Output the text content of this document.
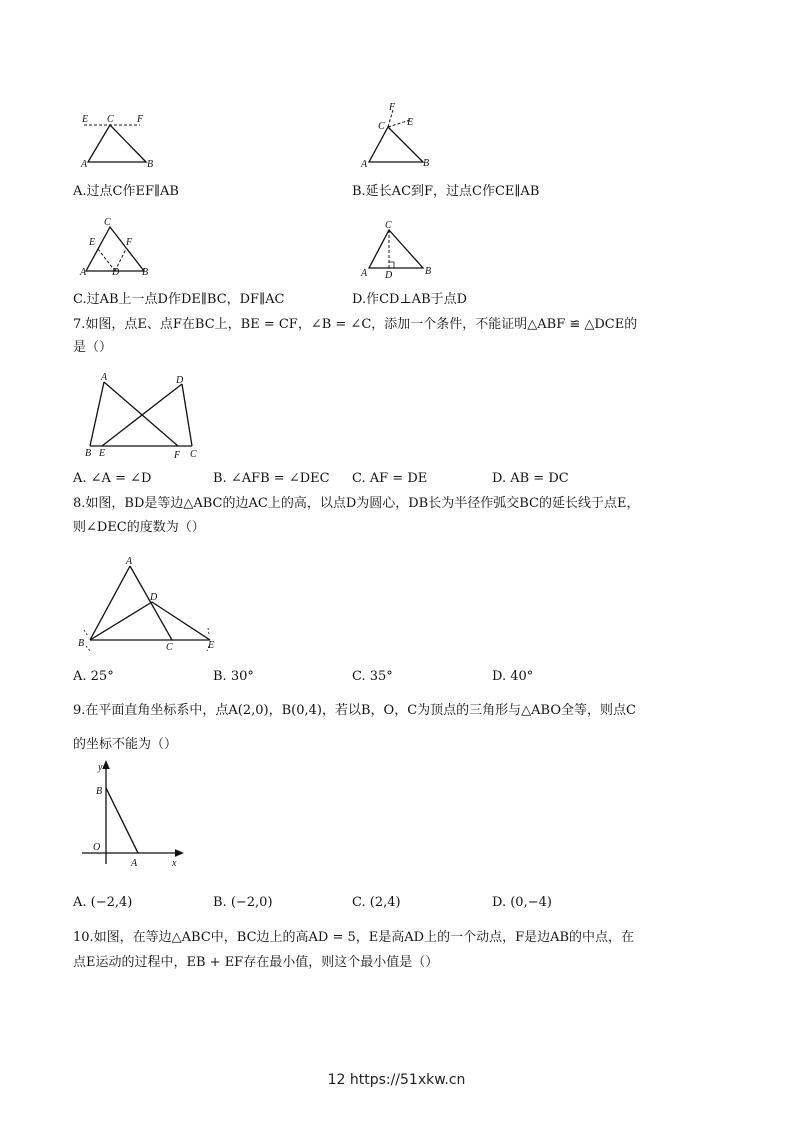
E C F
A	B
F
C E
A	B
C
E	F
A	D B
C
A D	B
A.过点C作EF∥AB	B.延长AC到F，过点C作CE∥AB
C.过AB上一点D作DE∥BC，DF∥AC	D.作CD⊥AB于点D
7.如图，点E、点F在BC上，BE = CF，∠B = ∠C，添加一个条件，不能证明△ABF ≌ △DCE的
是（）
A	D
B E	F C
A. ∠A = ∠D	B. ∠AFB = ∠DEC C. AF = DE	D. AB = DC
8.如图，BD是等边△ABC的边AC上的高，以点D为圆心，DB长为半径作弧交BC的延长线于点E，
则∠DEC的度数为（）
A
D
B	C	E
A. 25°	B. 30°	C. 35°	D. 40°
9.在平面直角坐标系中，点A(2,0)，B(0,4)，若以B，O，C为顶点的三角形与△ABO全等，则点C
的坐标不能为（）
y
B
O
A	x
A. (−2,4)	B. (−2,0)	C. (2,4)	D. (0,−4)
10.如图，在等边△ABC中，BC边上的高AD = 5，E是高AD上的一个动点，F是边AB的中点，在
点E运动的过程中，EB + EF存在最小值，则这个最小值是（）
12 https://51xkw.cn
